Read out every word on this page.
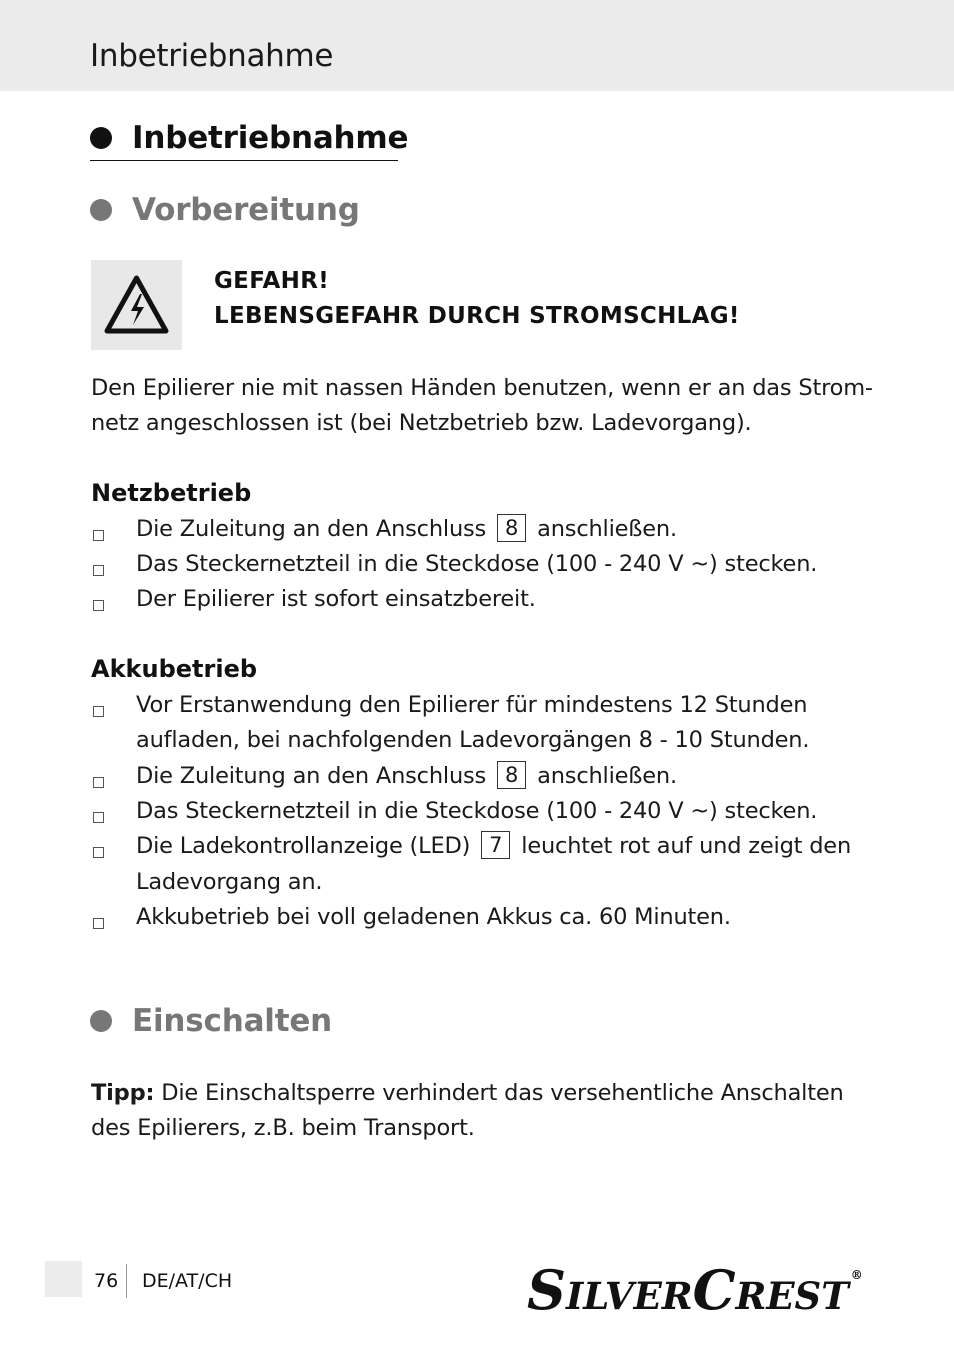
Inbetriebnahme
Inbetriebnahme
Vorbereitung
GEFAHR!
LEBENSGEFAHR DURCH STROMSCHLAG!
Den Epilierer nie mit nassen Händen benutzen, wenn er an das Strom-
netz angeschlossen ist (bei Netzbetrieb bzw. Ladevorgang).
Netzbetrieb
Die Zuleitung an den Anschluss 8 anschließen.
Das Steckernetzteil in die Steckdose (100 - 240 V ~) stecken.
Der Epilierer ist sofort einsatzbereit.
Akkubetrieb
Vor Erstanwendung den Epilierer für mindestens 12 Stunden
aufladen, bei nachfolgenden Ladevorgängen 8 - 10 Stunden.
Die Zuleitung an den Anschluss 8 anschließen.
Das Steckernetzteil in die Steckdose (100 - 240 V ~) stecken.
Die Ladekontrollanzeige (LED) 7 leuchtet rot auf und zeigt den
Ladevorgang an.
Akkubetrieb bei voll geladenen Akkus ca. 60 Minuten.
Einschalten
Tipp: Die Einschaltsperre verhindert das versehentliche Anschalten
des Epilierers, z.B. beim Transport.
76 DE/AT/CH	SILVERCREST ®
